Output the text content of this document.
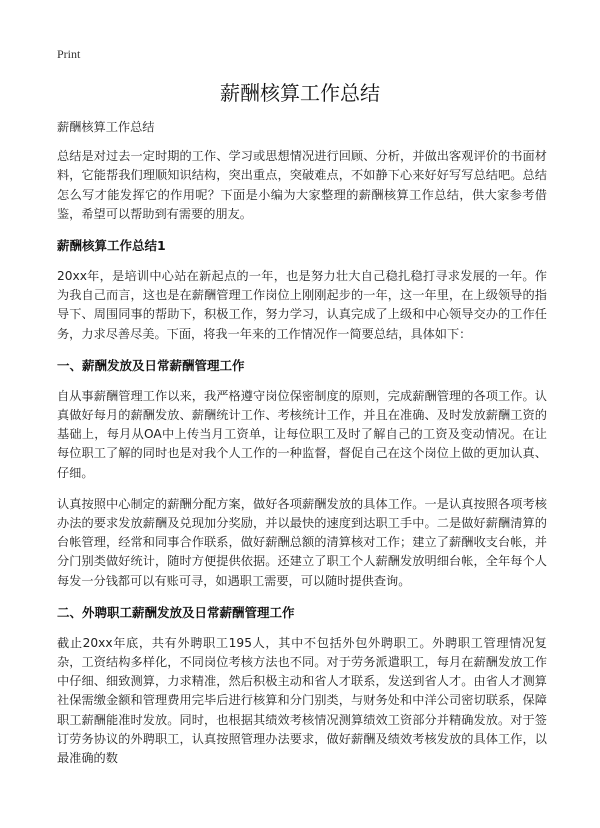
Print
薪酬核算工作总结

薪酬核算工作总结

总结是对过去一定时期的工作、学习或思想情况进行回顾、分析，并做出客观评价的书面材料，它能帮我们理顺知识结构，突出重点，突破难点，不如静下心来好好写写总结吧。总结怎么写才能发挥它的作用呢？下面是小编为大家整理的薪酬核算工作总结，供大家参考借鉴，希望可以帮助到有需要的朋友。

薪酬核算工作总结1

20xx年，是培训中心站在新起点的一年，也是努力壮大自己稳扎稳打寻求发展的一年。作为我自己而言，这也是在薪酬管理工作岗位上刚刚起步的一年，这一年里，在上级领导的指导下、周围同事的帮助下，积极工作，努力学习，认真完成了上级和中心领导交办的工作任务，力求尽善尽美。下面，将我一年来的工作情况作一简要总结，具体如下：

一、薪酬发放及日常薪酬管理工作

自从事薪酬管理工作以来，我严格遵守岗位保密制度的原则，完成薪酬管理的各项工作。认真做好每月的薪酬发放、薪酬统计工作、考核统计工作，并且在准确、及时发放薪酬工资的基础上，每月从OA中上传当月工资单，让每位职工及时了解自己的工资及变动情况。在让每位职工了解的同时也是对我个人工作的一种监督，督促自己在这个岗位上做的更加认真、仔细。

认真按照中心制定的薪酬分配方案，做好各项薪酬发放的具体工作。一是认真按照各项考核办法的要求发放薪酬及兑现加分奖励，并以最快的速度到达职工手中。二是做好薪酬清算的台帐管理，经常和同事合作联系，做好薪酬总额的清算核对工作；建立了薪酬收支台帐，并分门别类做好统计，随时方便提供依据。还建立了职工个人薪酬发放明细台帐，全年每个人每发一分钱都可以有账可寻，如遇职工需要，可以随时提供查询。

二、外聘职工薪酬发放及日常薪酬管理工作

截止20xx年底，共有外聘职工195人，其中不包括外包外聘职工。外聘职工管理情况复杂，工资结构多样化，不同岗位考核方法也不同。对于劳务派遣职工，每月在薪酬发放工作中仔细、细致测算，力求精准，然后积极主动和省人才联系，发送到省人才。由省人才测算社保需缴金额和管理费用完毕后进行核算和分门别类，与财务处和中洋公司密切联系，保障职工薪酬能准时发放。同时，也根据其绩效考核情况测算绩效工资部分并精确发放。对于签订劳务协议的外聘职工，认真按照管理办法要求，做好薪酬及绩效考核发放的具体工作，以最准确的数
